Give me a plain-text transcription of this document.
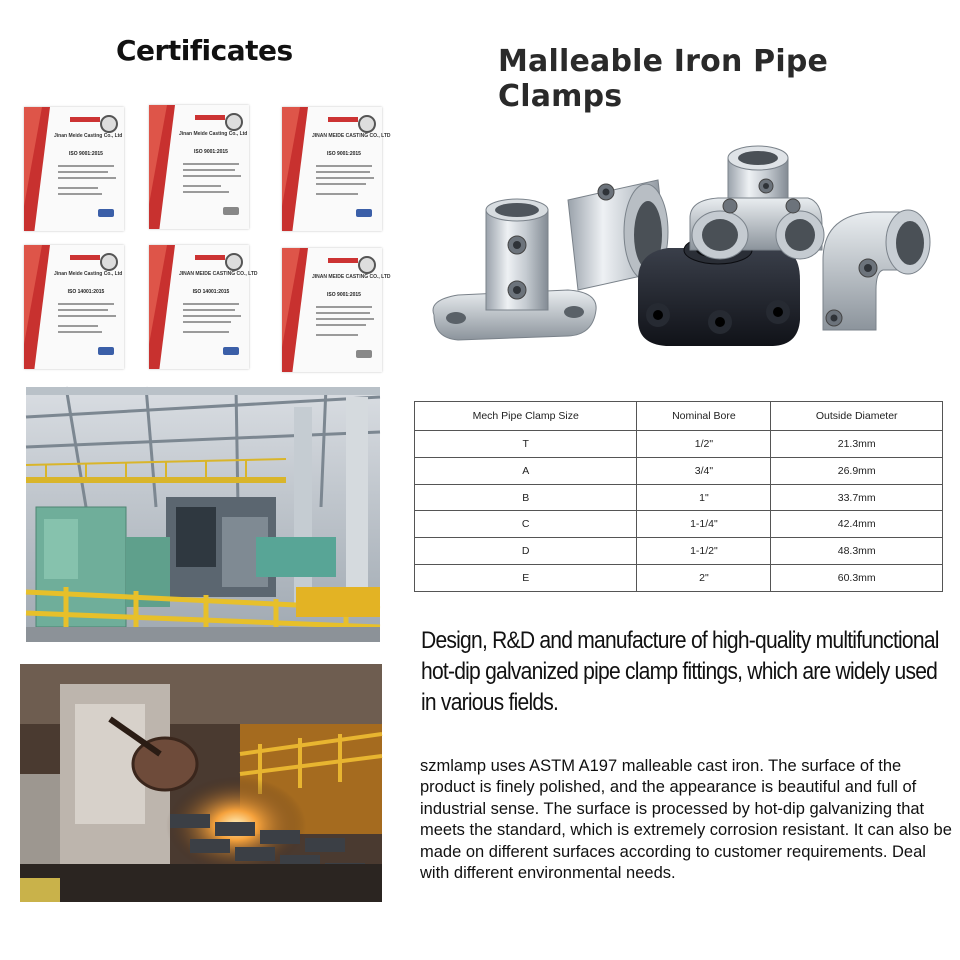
Certificates	Malleable Iron Pipe Clamps
Jinan Meide Casting Co., Ltd
ISO 9001:2015
Jinan Meide Casting Co., Ltd
ISO 9001:2015
JINAN MEIDE CASTING CO., LTD
ISO 9001:2015
Jinan Meide Casting Co., Ltd
ISO 14001:2015
JINAN MEIDE CASTING CO., LTD
ISO 14001:2015
JINAN MEIDE CASTING CO., LTD
ISO 9001:2015
Mech Pipe Clamp Size	Nominal Bore	Outside Diameter
T	1/2"	21.3mm
A	3/4"	26.9mm
B	1"	33.7mm
C	1-1/4"	42.4mm
D	1-1/2"	48.3mm
E	2"	60.3mm
Design, R&D and manufacture of high-quality multifunctional hot-dip galvanized pipe clamp fittings, which are widely used in various fields.
szmlamp uses ASTM A197 malleable cast iron. The surface of the product is finely polished, and the appearance is beautiful and full of industrial sense. The surface is processed by hot-dip galvanizing that meets the standard, which is extremely corrosion resistant. It can also be made on different surfaces according to customer requirements. Deal with different environmental needs.
